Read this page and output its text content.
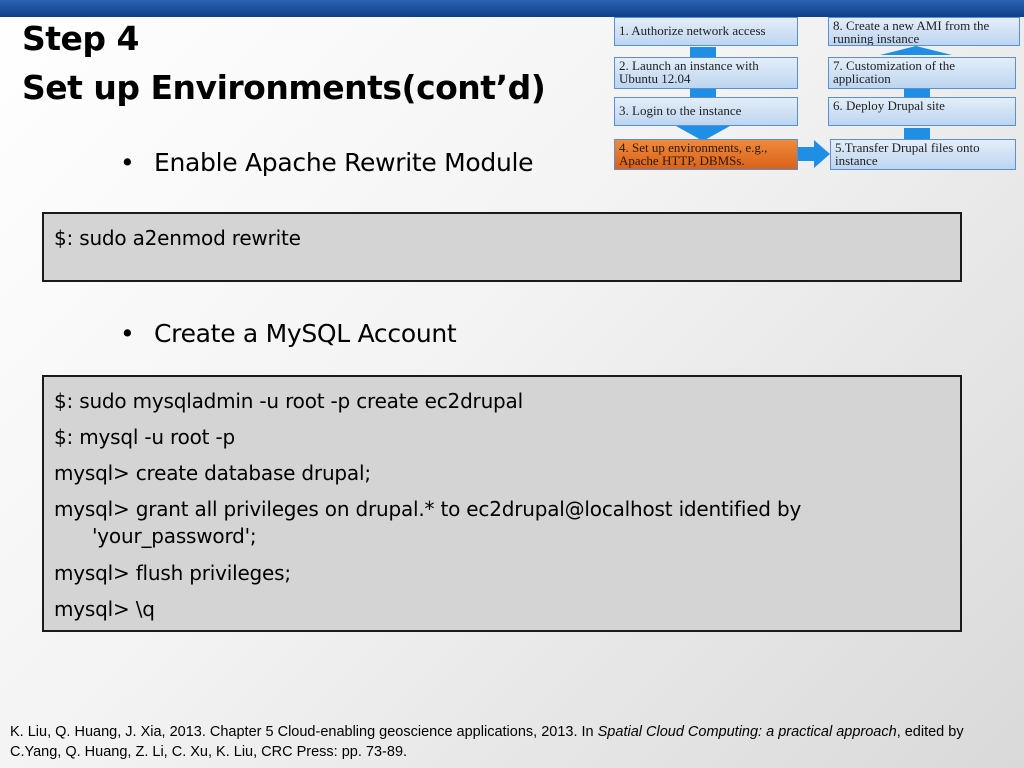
Step 4
Set up Environments(cont’d)
1. Authorize network access
2. Launch an instance with Ubuntu 12.04
3. Login to the instance
4. Set up environments, e.g., Apache HTTP, DBMSs.
8. Create a new AMI from the running instance
7. Customization of the application
6. Deploy Drupal site
5.Transfer Drupal files onto instance
• Enable Apache Rewrite Module
$: sudo a2enmod rewrite
• Create a MySQL Account
$: sudo mysqladmin -u root -p create ec2drupal
$: mysql -u root -p
mysql> create database drupal;
mysql> grant all privileges on drupal.* to ec2drupal@localhost identified by
'your_password';
mysql> flush privileges;
mysql> \q
K. Liu, Q. Huang, J. Xia, 2013. Chapter 5 Cloud-enabling geoscience applications, 2013. In Spatial Cloud Computing: a practical approach, edited by C.Yang, Q. Huang, Z. Li, C. Xu, K. Liu, CRC Press: pp. 73-89.
